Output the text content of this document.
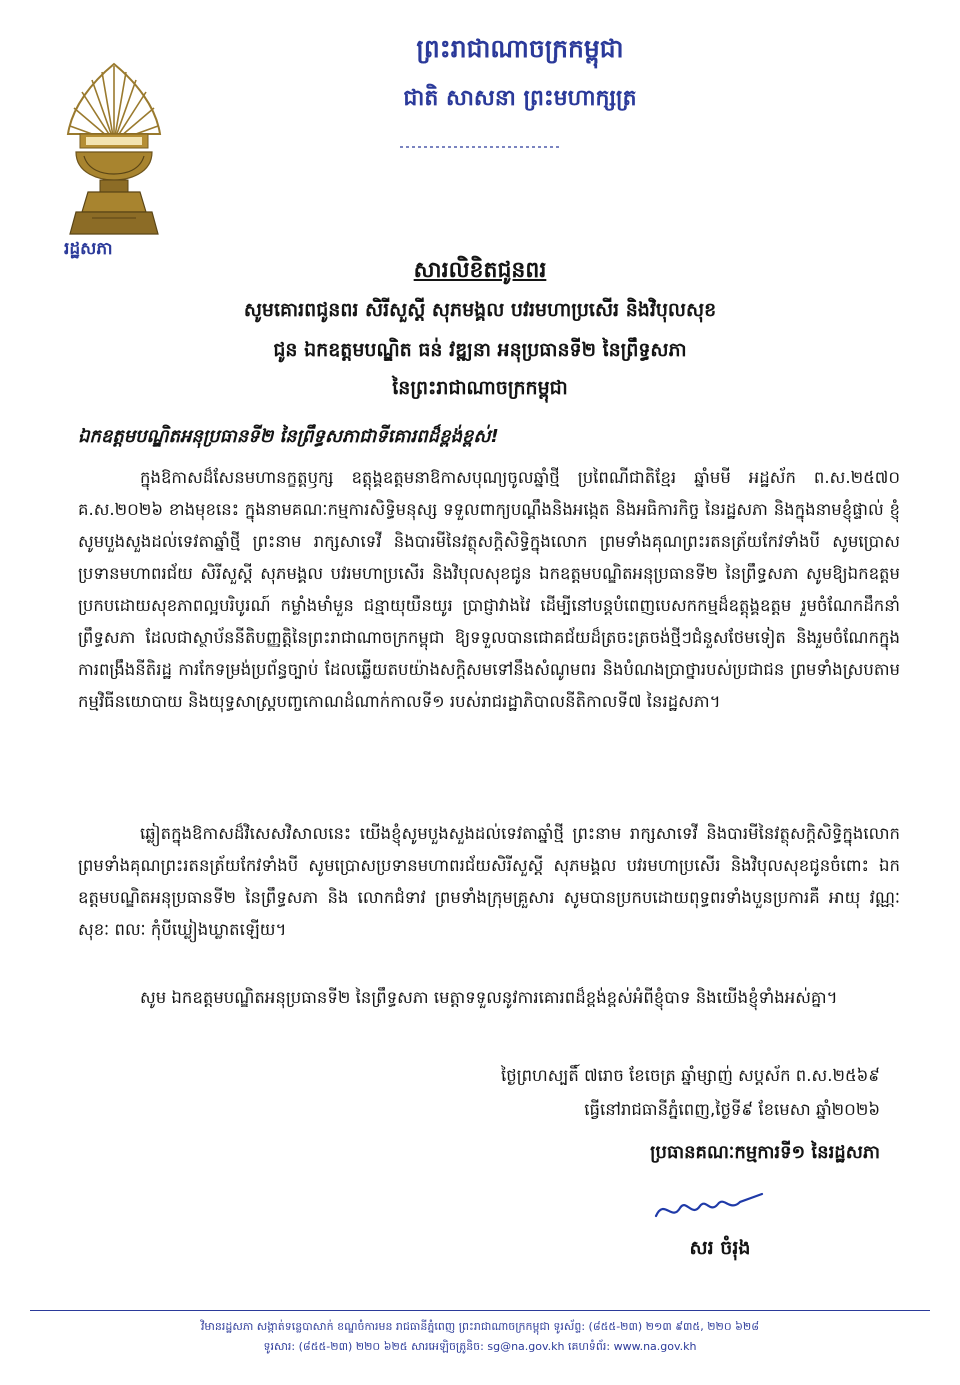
រដ្ឋសភា
ព្រះរាជាណាចក្រកម្ពុជា
ជាតិ សាសនា ព្រះមហាក្សត្រ
សារលិខិតជូនពរ
សូមគោរពជូនពរ សិរីសួស្តី សុភមង្គល បវរមហាប្រសើរ និងវិបុលសុខ
ជូន ឯកឧត្តមបណ្ឌិត ធន់ វឌ្ឍនា អនុប្រធានទី២ នៃព្រឹទ្ធសភា
នៃព្រះរាជាណាចក្រកម្ពុជា
ឯកឧត្តមបណ្ឌិតអនុប្រធានទី២ នៃព្រឹទ្ធសភាជាទីគោរពដ៏ខ្ពង់ខ្ពស់!
ក្នុងឱកាសដ៏សែនមហានក្ខត្តឫក្ស ឧត្តុង្គឧត្តមនាឱកាសបុណ្យចូលឆ្នាំថ្មី ប្រពៃណីជាតិខ្មែរ ឆ្នាំមមី អដ្ឋស័ក ព.ស.២៥៧០ គ.ស.២០២៦ ខាងមុខនេះ ក្នុងនាមគណៈកម្មការសិទ្ធិមនុស្ស ទទួលពាក្យបណ្ដឹងនិងអង្កេត និងអធិការកិច្ច នៃរដ្ឋសភា និងក្នុងនាមខ្ញុំផ្ទាល់ ខ្ញុំសូមបួងសួងដល់ទេវតាឆ្នាំថ្មី ព្រះនាម រាក្សសាទេវី និងបារមីនៃវត្ថុសក្តិសិទ្ធិក្នុងលោក ព្រមទាំងគុណព្រះរតនត្រ័យកែវទាំងបី សូមប្រោសប្រទានមហាពរជ័យ សិរីសួស្តី សុភមង្គល បវរមហាប្រសើរ និងវិបុលសុខជូន ឯកឧត្តមបណ្ឌិតអនុប្រធានទី២ នៃព្រឹទ្ធសភា សូមឱ្យឯកឧត្តមប្រកបដោយសុខភាពល្អបរិបូរណ៍ កម្លាំងមាំមួន ជន្មាយុយឺនយូរ ប្រាជ្ញាវាងវៃ ដើម្បីនៅបន្តបំពេញបេសកកម្មដ៏ឧត្តុង្គឧត្តម រួមចំណែកដឹកនាំព្រឹទ្ធសភា ដែលជាស្ថាប័ននីតិបញ្ញត្តិនៃព្រះរាជាណាចក្រកម្ពុជា ឱ្យទទួលបានជោគជ័យដ៏ត្រចះត្រចង់ថ្មីៗជំនួសថែមទៀត និងរួមចំណែកក្នុងការពង្រឹងនីតិរដ្ឋ ការកែទម្រង់ប្រព័ន្ធច្បាប់ ដែលឆ្លើយតបយ៉ាងសក្តិសមទៅនឹងសំណូមពរ និងបំណងប្រាថ្នារបស់ប្រជាជន ព្រមទាំងស្របតាមកម្មវិធីនយោបាយ និងយុទ្ធសាស្ត្របញ្ចកោណដំណាក់កាលទី១ របស់រាជរដ្ឋាភិបាលនីតិកាលទី៧ នៃរដ្ឋសភា។
ឆ្លៀតក្នុងឱកាសដ៏វិសេសវិសាលនេះ យើងខ្ញុំសូមបួងសួងដល់ទេវតាឆ្នាំថ្មី ព្រះនាម រាក្សសាទេវី និងបារមីនៃវត្ថុសក្តិសិទ្ធិក្នុងលោក ព្រមទាំងគុណព្រះរតនត្រ័យកែវទាំងបី សូមប្រោសប្រទានមហាពរជ័យសិរីសួស្តី សុភមង្គល បវរមហាប្រសើរ និងវិបុលសុខជូនចំពោះ ឯកឧត្តមបណ្ឌិតអនុប្រធានទី២ នៃព្រឹទ្ធសភា និង លោកជំទាវ ព្រមទាំងក្រុមគ្រួសារ សូមបានប្រកបដោយពុទ្ធពរទាំងបួនប្រការគឺ អាយុ វណ្ណៈ សុខៈ ពលៈ កុំបីឃ្លៀងឃ្លាតឡើយ។
សូម ឯកឧត្តមបណ្ឌិតអនុប្រធានទី២ នៃព្រឹទ្ធសភា មេត្តាទទួលនូវការគោរពដ៏ខ្ពង់ខ្ពស់អំពីខ្ញុំបាទ និងយើងខ្ញុំទាំងអស់គ្នា។
ថ្ងៃព្រហស្បតិ៍ ៧រោច ខែចេត្រ ឆ្នាំម្សាញ់ សប្តស័ក ព.ស.២៥៦៩
ធ្វើនៅរាជធានីភ្នំពេញ,ថ្ងៃទី៩ ខែមេសា ឆ្នាំ២០២៦
ប្រធានគណៈកម្មការទី១ នៃរដ្ឋសភា
សរ ចំរុង
វិមានរដ្ឋសភា សង្កាត់ទន្លេបាសាក់ ខណ្ឌចំការមន រាជធានីភ្នំពេញ ព្រះរាជាណាចក្រកម្ពុជា ទូរស័ព្ទ: (៨៥៥-២៣) ២១៣ ៩៣៥, ២២០ ៦២៨
ទូរសារ: (៨៥៥-២៣) ២២០ ៦២៥ សារអេឡិចត្រូនិច: sg@na.gov.kh គេហទំព័រ: www.na.gov.kh
